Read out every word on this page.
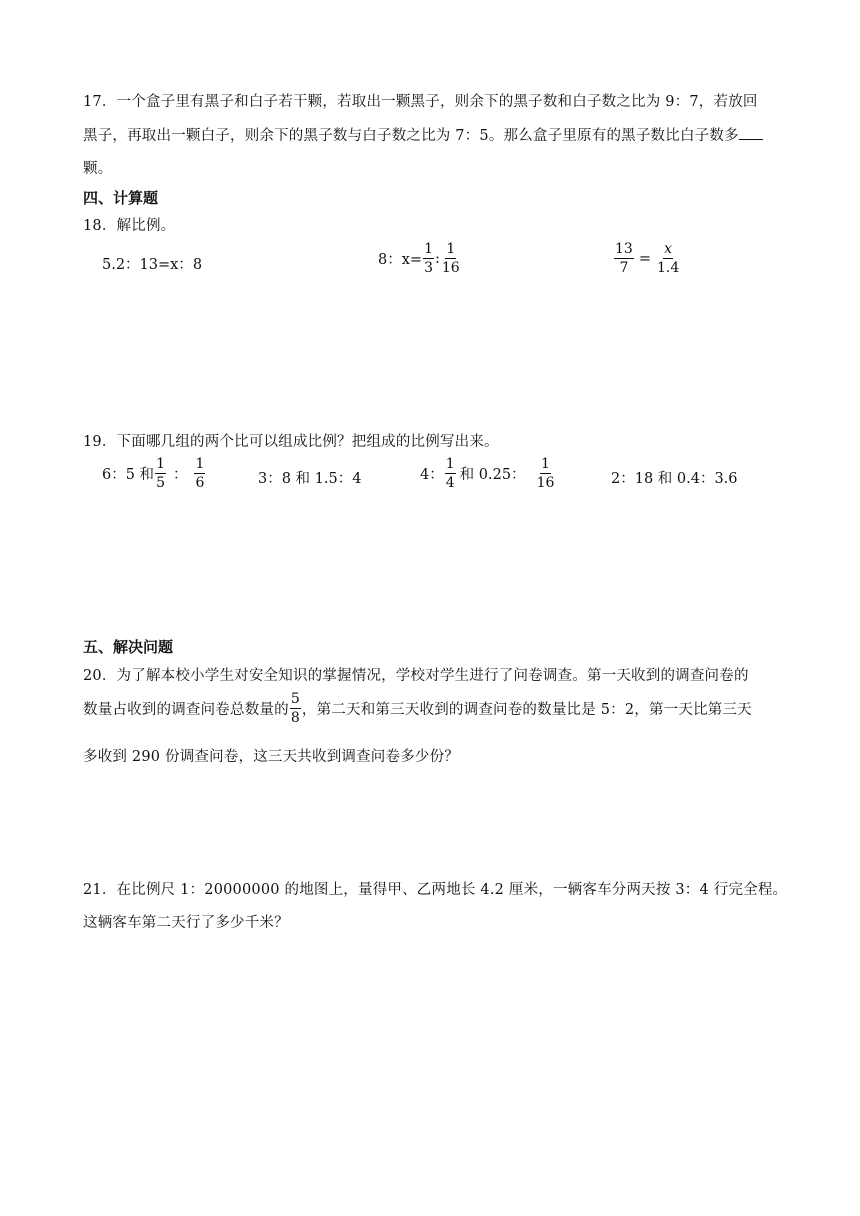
17．一个盒子里有黑子和白子若干颗，若取出一颗黑子，则余下的黑子数和白子数之比为 9：7，若放回
黑子，再取出一颗白子，则余下的黑子数与白子数之比为 7：5。那么盒子里原有的黑子数比白子数多
颗。
四、计算题
18．解比例。
5.2：13=x：8	8：$x= \frac{1}{3}$ : $\frac{1}{16}$	$\frac{13}{7} = \frac{x}{1.4}$
19．下面哪几组的两个比可以组成比例？把组成的比例写出来。
6：5 和 $\frac{1}{5}$ ： $\frac{1}{6}$	3：8 和 1.5：4	4： $\frac{1}{4}$ 和 0.25： $\frac{1}{16}$	2：18 和 0.4：3.6
五、解决问题
20．为了解本校小学生对安全知识的掌握情况，学校对学生进行了问卷调查。第一天收到的调查问卷的
数量占收到的调查问卷总数量的 $\frac{5}{8}$ ，第二天和第三天收到的调查问卷的数量比是 5：2，第一天比第三天
多收到 290 份调查问卷，这三天共收到调查问卷多少份？
21．在比例尺 1：20000000 的地图上，量得甲、乙两地长 4.2 厘米，一辆客车分两天按 3：4 行完全程。
这辆客车第二天行了多少千米？
